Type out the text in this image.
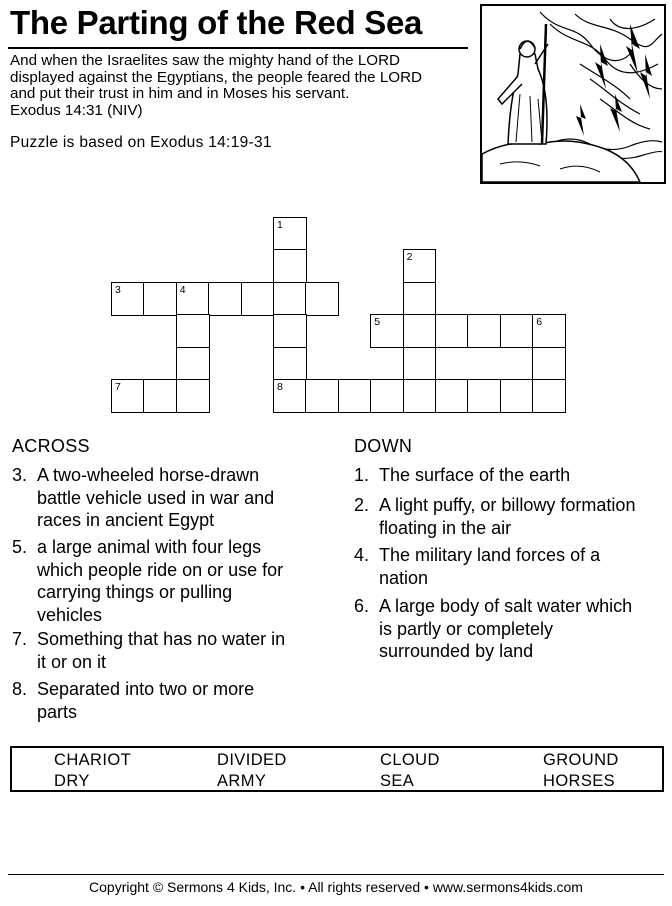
The Parting of the Red Sea
And when the Israelites saw the mighty hand of the LORD
displayed against the Egyptians, the people feared the LORD
and put their trust in him and in Moses his servant.
Exodus 14:31 (NIV)
Puzzle is based on Exodus 14:19-31
1
2
3	4
5	6
7	8
ACROSS
3. A two-wheeled horse-drawn
battle vehicle used in war and
races in ancient Egypt
5. a large animal with four legs
which people ride on or use for
carrying things or pulling
vehicles
7. Something that has no water in
it or on it
8. Separated into two or more
parts
DOWN
1. The surface of the earth
2. A light puffy, or billowy formation
floating in the air
4. The military land forces of a
nation
6. A large body of salt water which
is partly or completely
surrounded by land
CHARIOT	DIVIDED	CLOUD	GROUND
DRY	ARMY	SEA	HORSES
Copyright © Sermons 4 Kids, Inc. • All rights reserved • www.sermons4kids.com
